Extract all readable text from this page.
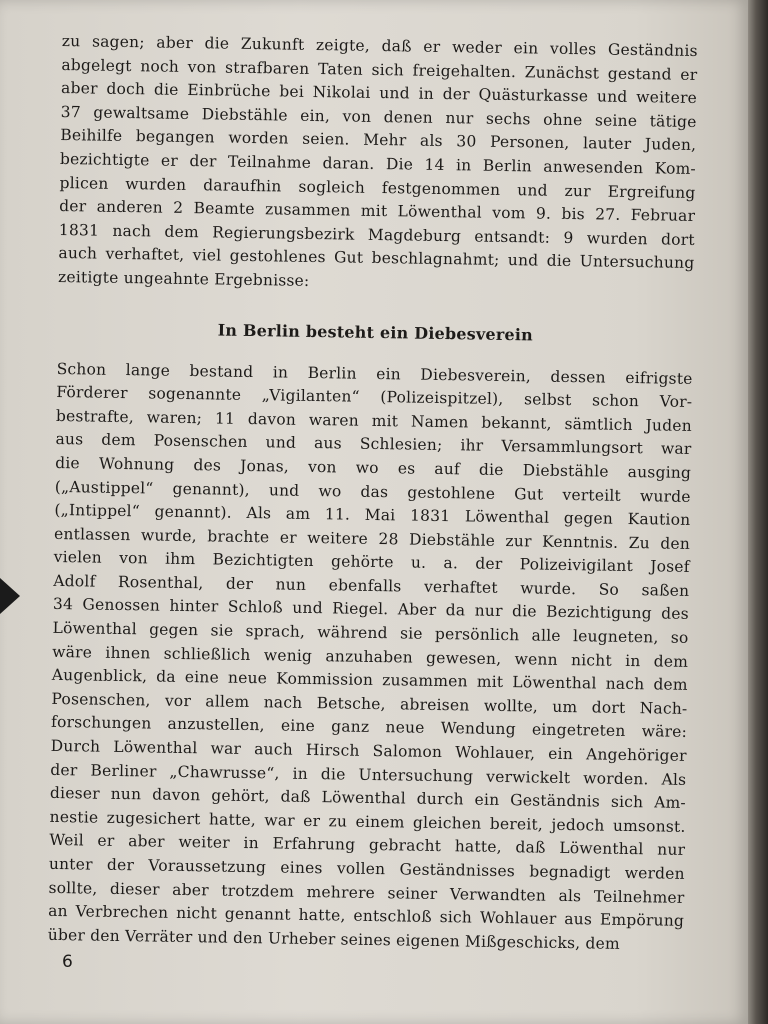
zu sagen; aber die Zukunft zeigte, daß er weder ein volles Geständnis
abgelegt noch von strafbaren Taten sich freigehalten. Zunächst gestand er
aber doch die Einbrüche bei Nikolai und in der Quästurkasse und weitere
37 gewaltsame Diebstähle ein, von denen nur sechs ohne seine tätige
Beihilfe begangen worden seien. Mehr als 30 Personen, lauter Juden,
bezichtigte er der Teilnahme daran. Die 14 in Berlin anwesenden Kom-
plicen wurden daraufhin sogleich festgenommen und zur Ergreifung
der anderen 2 Beamte zusammen mit Löwenthal vom 9. bis 27. Februar
1831 nach dem Regierungsbezirk Magdeburg entsandt: 9 wurden dort
auch verhaftet, viel gestohlenes Gut beschlagnahmt; und die Untersuchung
zeitigte ungeahnte Ergebnisse:
In Berlin besteht ein Diebesverein
Schon lange bestand in Berlin ein Diebesverein, dessen eifrigste
Förderer sogenannte „Vigilanten“ (Polizeispitzel), selbst schon Vor-
bestrafte, waren; 11 davon waren mit Namen bekannt, sämtlich Juden
aus dem Posenschen und aus Schlesien; ihr Versammlungsort war
die Wohnung des Jonas, von wo es auf die Diebstähle ausging
(„Austippel“ genannt), und wo das gestohlene Gut verteilt wurde
(„Intippel“ genannt). Als am 11. Mai 1831 Löwenthal gegen Kaution
entlassen wurde, brachte er weitere 28 Diebstähle zur Kenntnis. Zu den
vielen von ihm Bezichtigten gehörte u. a. der Polizeivigilant Josef
Adolf Rosenthal, der nun ebenfalls verhaftet wurde. So saßen
34 Genossen hinter Schloß und Riegel. Aber da nur die Bezichtigung des
Löwenthal gegen sie sprach, während sie persönlich alle leugneten, so
wäre ihnen schließlich wenig anzuhaben gewesen, wenn nicht in dem
Augenblick, da eine neue Kommission zusammen mit Löwenthal nach dem
Posenschen, vor allem nach Betsche, abreisen wollte, um dort Nach-
forschungen anzustellen, eine ganz neue Wendung eingetreten wäre:
Durch Löwenthal war auch Hirsch Salomon Wohlauer, ein Angehöriger
der Berliner „Chawrusse“, in die Untersuchung verwickelt worden. Als
dieser nun davon gehört, daß Löwenthal durch ein Geständnis sich Am-
nestie zugesichert hatte, war er zu einem gleichen bereit, jedoch umsonst.
Weil er aber weiter in Erfahrung gebracht hatte, daß Löwenthal nur
unter der Voraussetzung eines vollen Geständnisses begnadigt werden
sollte, dieser aber trotzdem mehrere seiner Verwandten als Teilnehmer
an Verbrechen nicht genannt hatte, entschloß sich Wohlauer aus Empörung
über den Verräter und den Urheber seines eigenen Mißgeschicks, dem
6
